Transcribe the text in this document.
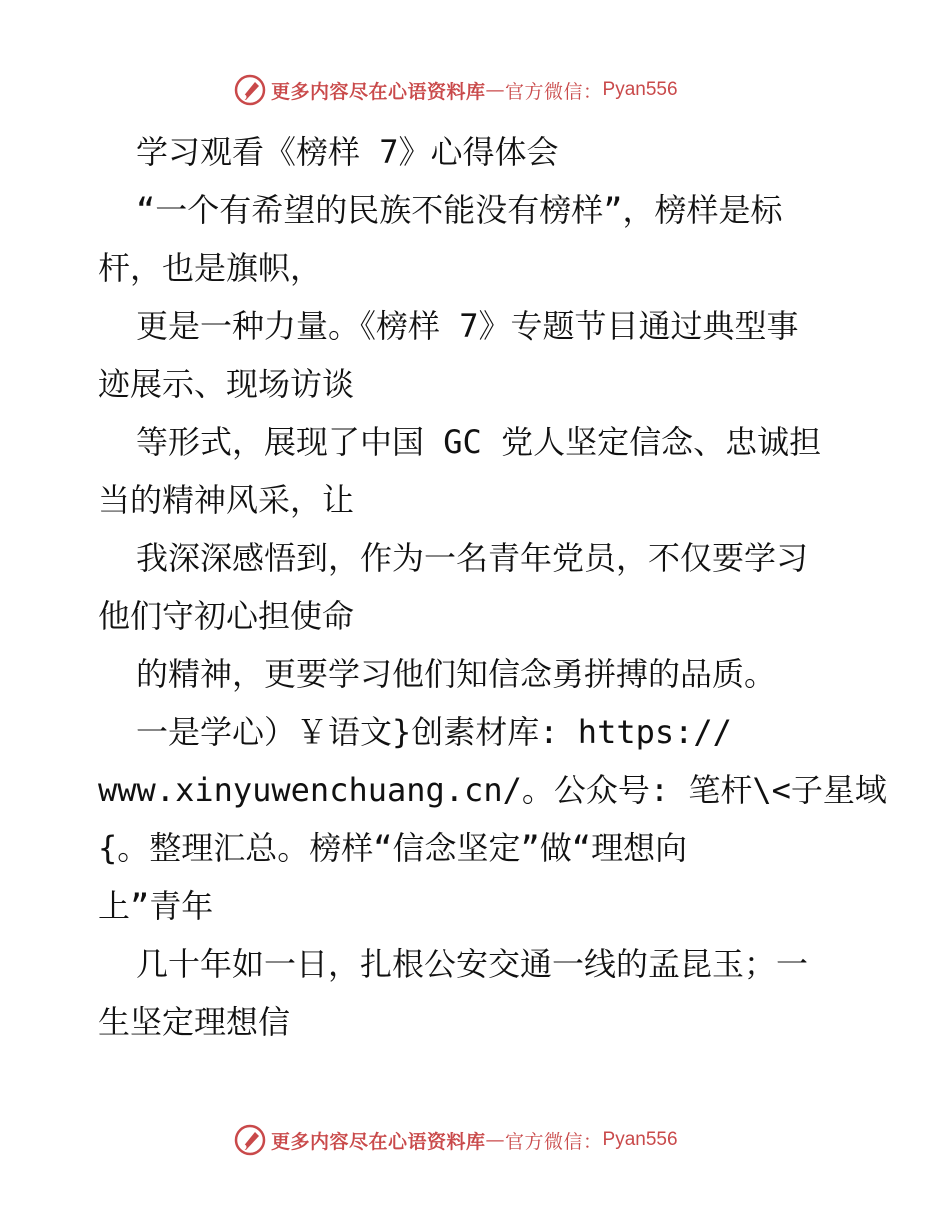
更多内容尽在心语资料库 — 官方微信： Pyan556
学习观看《榜样 7》心得体会
“一个有希望的民族不能没有榜样”，榜样是标
杆，也是旗帜，
更是一种力量。《榜样 7》专题节目通过典型事
迹展示、现场访谈
等形式，展现了中国 GC 党人坚定信念、忠诚担
当的精神风采，让
我深深感悟到，作为一名青年党员，不仅要学习
他们守初心担使命
的精神，更要学习他们知信念勇拼搏的品质。
一是学心）￥语文}创素材库: https://
www.xinyuwenchuang.cn/。公众号: 笔杆\<子星域
{。整理汇总。榜样“信念坚定”做“理想向
上”青年
几十年如一日，扎根公安交通一线的孟昆玉；一
生坚定理想信
更多内容尽在心语资料库 — 官方微信： Pyan556
